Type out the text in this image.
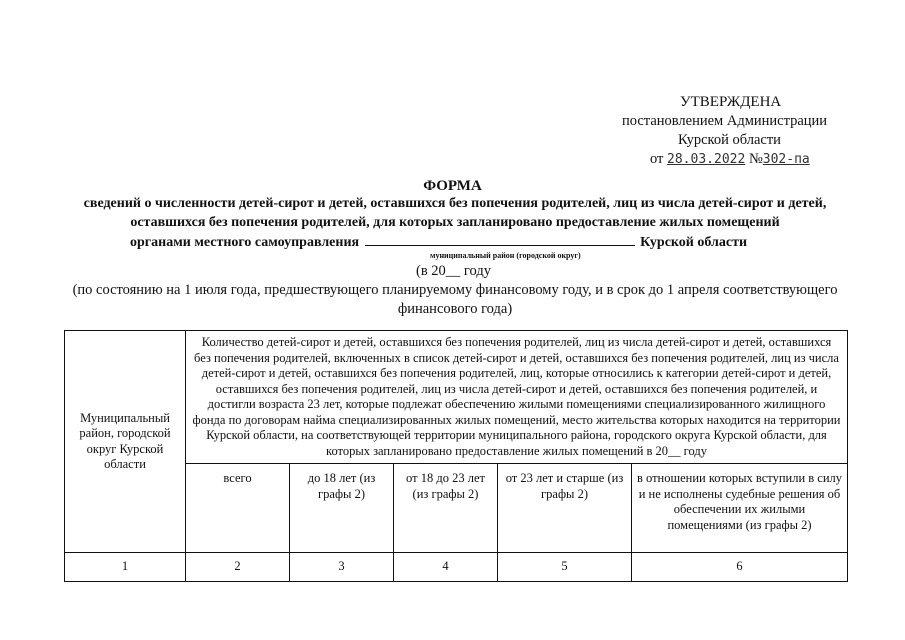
УТВЕРЖДЕНА
постановлением Администрации
Курской области
от 28.03.2022 №302-па
ФОРМА
сведений о численности детей-сирот и детей, оставшихся без попечения родителей, лиц из числа детей-сирот и детей, оставшихся без попечения родителей, для которых запланировано предоставление жилых помещений
органами местного самоуправления	Курской области
муниципальный район (городской округ)
(в 20__ году
(по состоянию на 1 июля года, предшествующего планируемому финансовому году, и в срок до 1 апреля соответствующего финансового года)
Муниципальный район, городской округ Курской области	Количество детей-сирот и детей, оставшихся без попечения родителей, лиц из числа детей-сирот и детей, оставшихся без попечения родителей, включенных в список детей-сирот и детей, оставшихся без попечения родителей, лиц из числа детей-сирот и детей, оставшихся без попечения родителей, лиц, которые относились к категории детей-сирот и детей, оставшихся без попечения родителей, лиц из числа детей-сирот и детей, оставшихся без попечения родителей, и достигли возраста 23 лет, которые подлежат обеспечению жилыми помещениями специализированного жилищного фонда по договорам найма специализированных жилых помещений, место жительства которых находится на территории Курской области, на соответствующей территории муниципального района, городского округа Курской области, для которых запланировано предоставление жилых помещений в 20__ году				
	всего	до 18 лет (из графы 2)	от 18 до 23 лет (из графы 2)	от 23 лет и старше (из графы 2)	в отношении которых вступили в силу и не исполнены судебные решения об обеспечении их жилыми помещениями (из графы 2)
1	2	3	4	5	6
